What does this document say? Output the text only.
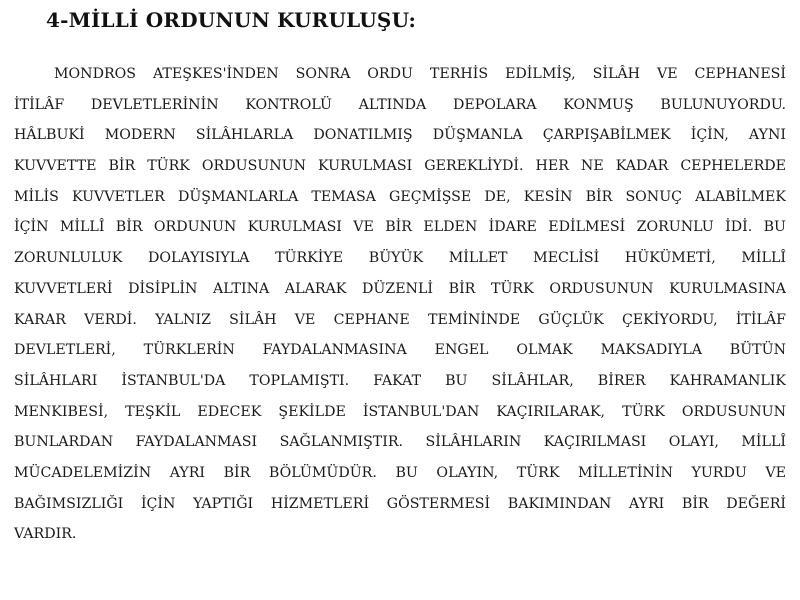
4-MİLLİ ORDUNUN KURULUŞU:
MONDROS ATEŞKES'İNDEN SONRA ORDU TERHİS EDİLMİŞ, SİLÂH VE CEPHANESİ
İTİLÂF DEVLETLERİNİN KONTROLÜ ALTINDA DEPOLARA KONMUŞ BULUNUYORDU.
HÂLBUKİ MODERN SİLÂHLARLA DONATILMIŞ DÜŞMANLA ÇARPIŞABİLMEK İÇİN, AYNI
KUVVETTE BİR TÜRK ORDUSUNUN KURULMASI GEREKLİYDİ. HER NE KADAR CEPHELERDE
MİLİS KUVVETLER DÜŞMANLARLA TEMASA GEÇMİŞSE DE, KESİN BİR SONUÇ ALABİLMEK
İÇİN MİLLÎ BİR ORDUNUN KURULMASI VE BİR ELDEN İDARE EDİLMESİ ZORUNLU İDİ. BU
ZORUNLULUK DOLAYISIYLA TÜRKİYE BÜYÜK MİLLET MECLİSİ HÜKÜMETİ, MİLLÎ
KUVVETLERİ DİSİPLİN ALTINA ALARAK DÜZENLİ BİR TÜRK ORDUSUNUN KURULMASINA
KARAR VERDİ. YALNIZ SİLÂH VE CEPHANE TEMİNİNDE GÜÇLÜK ÇEKİYORDU, İTİLÂF
DEVLETLERİ, TÜRKLERİN FAYDALANMASINA ENGEL OLMAK MAKSADIYLA BÜTÜN
SİLÂHLARI İSTANBUL'DA TOPLAMIŞTI. FAKAT BU SİLÂHLAR, BİRER KAHRAMANLIK
MENKIBESİ, TEŞKİL EDECEK ŞEKİLDE İSTANBUL'DAN KAÇIRILARAK, TÜRK ORDUSUNUN
BUNLARDAN FAYDALANMASI SAĞLANMIŞTIR. SİLÂHLARIN KAÇIRILMASI OLAYI, MİLLÎ
MÜCADELEMİZİN AYRI BİR BÖLÜMÜDÜR. BU OLAYIN, TÜRK MİLLETİNİN YURDU VE
BAĞIMSIZLIĞI İÇİN YAPTIĞI HİZMETLERİ GÖSTERMESİ BAKIMINDAN AYRI BİR DEĞERİ
VARDIR.
